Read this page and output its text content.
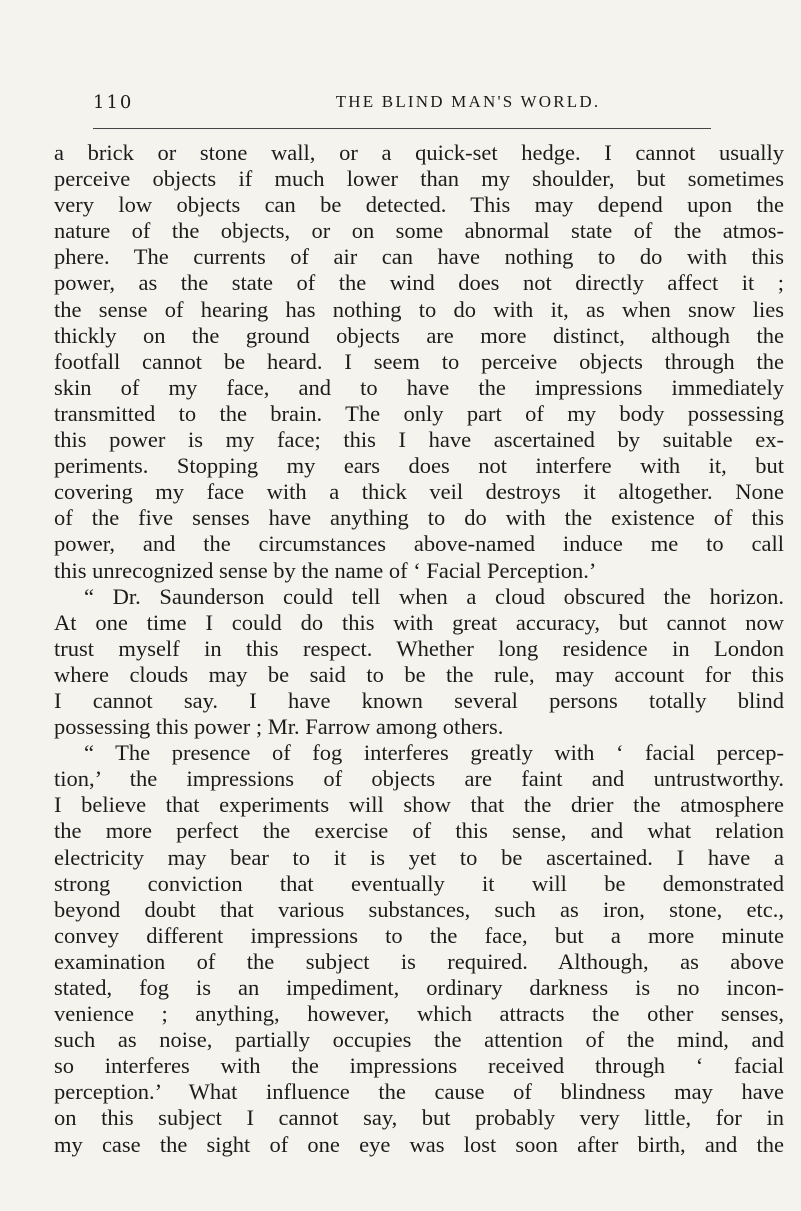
110	THE BLIND MAN'S WORLD.
a brick or stone wall, or a quick-set hedge. I cannot usually
perceive objects if much lower than my shoulder, but sometimes
very low objects can be detected. This may depend upon the
nature of the objects, or on some abnormal state of the atmos-
phere. The currents of air can have nothing to do with this
power, as the state of the wind does not directly affect it ;
the sense of hearing has nothing to do with it, as when snow lies
thickly on the ground objects are more distinct, although the
footfall cannot be heard. I seem to perceive objects through the
skin of my face, and to have the impressions immediately
transmitted to the brain. The only part of my body possessing
this power is my face; this I have ascertained by suitable ex-
periments. Stopping my ears does not interfere with it, but
covering my face with a thick veil destroys it altogether. None
of the five senses have anything to do with the existence of this
power, and the circumstances above-named induce me to call
this unrecognized sense by the name of ‘ Facial Perception.’
“ Dr. Saunderson could tell when a cloud obscured the horizon.
At one time I could do this with great accuracy, but cannot now
trust myself in this respect. Whether long residence in London
where clouds may be said to be the rule, may account for this
I cannot say. I have known several persons totally blind
possessing this power ; Mr. Farrow among others.
“ The presence of fog interferes greatly with ‘ facial percep-
tion,’ the impressions of objects are faint and untrustworthy.
I believe that experiments will show that the drier the atmosphere
the more perfect the exercise of this sense, and what relation
electricity may bear to it is yet to be ascertained. I have a
strong conviction that eventually it will be demonstrated
beyond doubt that various substances, such as iron, stone, etc.,
convey different impressions to the face, but a more minute
examination of the subject is required. Although, as above
stated, fog is an impediment, ordinary darkness is no incon-
venience ; anything, however, which attracts the other senses,
such as noise, partially occupies the attention of the mind, and
so interferes with the impressions received through ‘ facial
perception.’ What influence the cause of blindness may have
on this subject I cannot say, but probably very little, for in
my case the sight of one eye was lost soon after birth, and the
